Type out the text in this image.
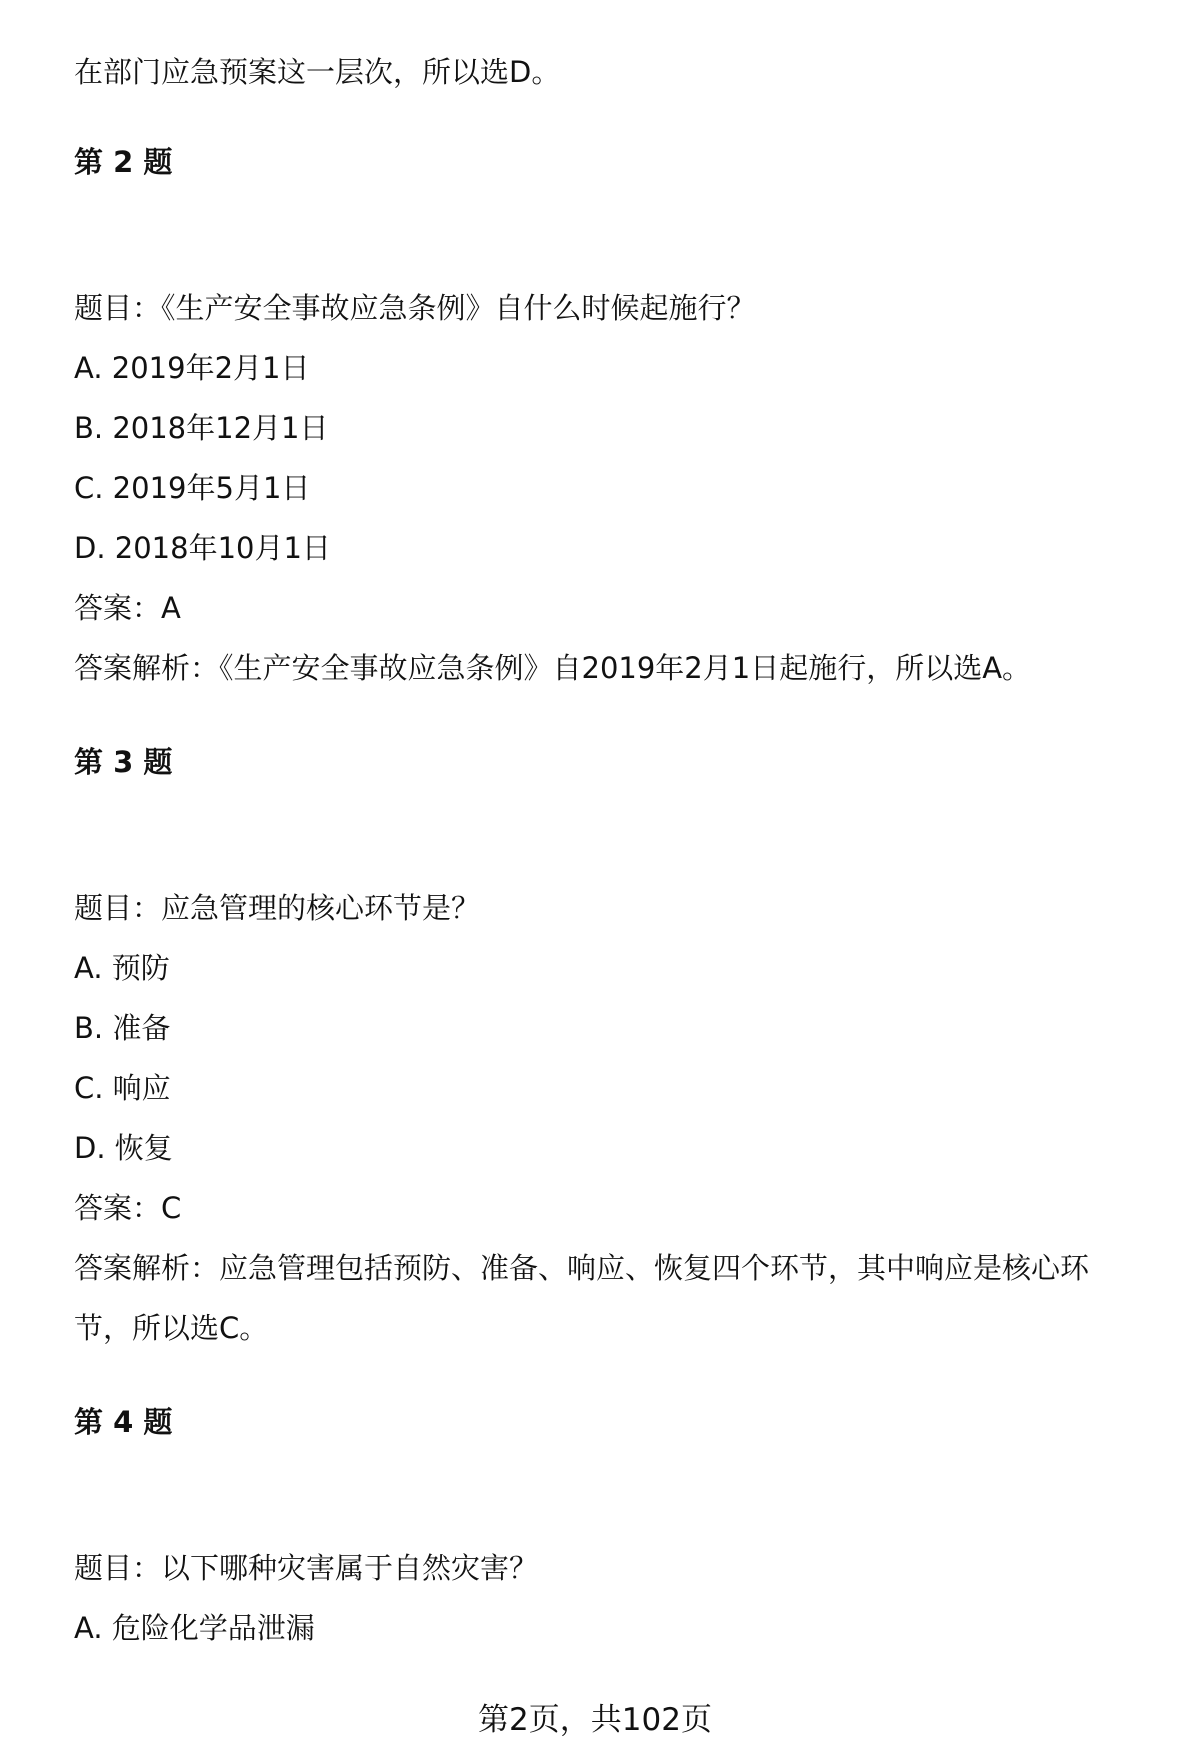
在部门应急预案这一层次，所以选D。

第 2 题

题目：《生产安全事故应急条例》自什么时候起施行？

A. 2019年2月1日

B. 2018年12月1日

C. 2019年5月1日

D. 2018年10月1日

答案：A

答案解析：《生产安全事故应急条例》自2019年2月1日起施行，所以选A。

第 3 题

题目：应急管理的核心环节是？

A. 预防

B. 准备

C. 响应

D. 恢复

答案：C

答案解析：应急管理包括预防、准备、响应、恢复四个环节，其中响应是核心环

节，所以选C。

第 4 题

题目：以下哪种灾害属于自然灾害？

A. 危险化学品泄漏

第2页，共102页
